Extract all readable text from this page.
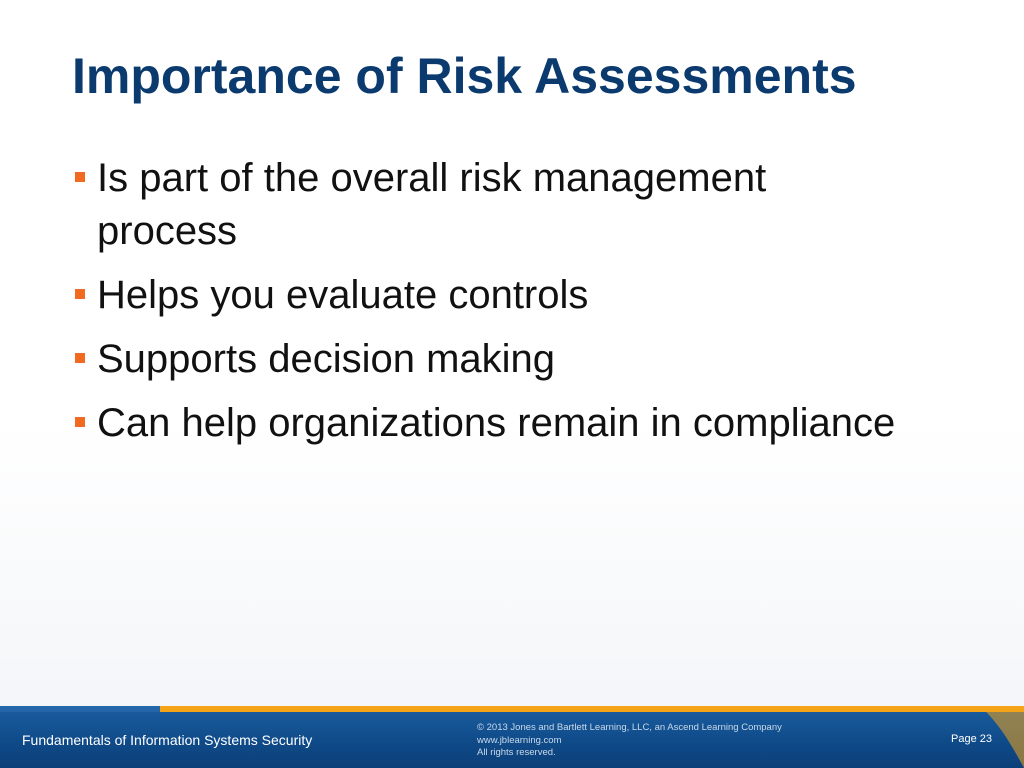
Importance of Risk Assessments
Is part of the overall risk management process
Helps you evaluate controls
Supports decision making
Can help organizations remain in compliance
Fundamentals of Information Systems Security
© 2013 Jones and Bartlett Learning, LLC, an Ascend Learning Company
www.jblearning.com
All rights reserved.
Page 23
